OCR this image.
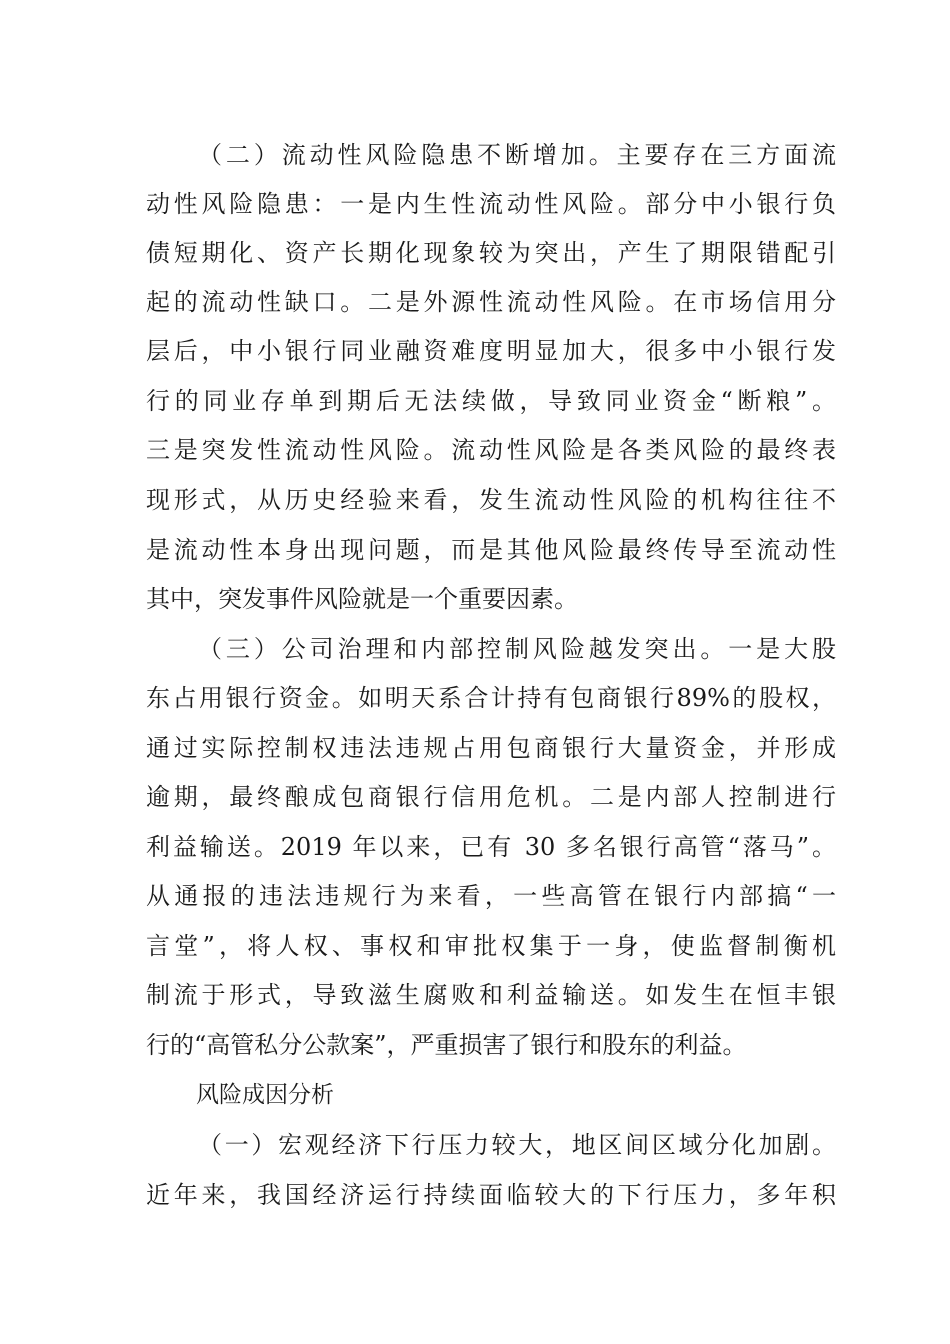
（二）流动性风险隐患不断增加。主要存在三方面流
动性风险隐患：一是内生性流动性风险。部分中小银行负
债短期化、资产长期化现象较为突出，产生了期限错配引
起的流动性缺口。二是外源性流动性风险。在市场信用分
层后，中小银行同业融资难度明显加大，很多中小银行发
行的同业存单到期后无法续做，导致同业资金“断粮”。
三是突发性流动性风险。流动性风险是各类风险的最终表
现形式，从历史经验来看，发生流动性风险的机构往往不
是流动性本身出现问题，而是其他风险最终传导至流动性
其中，突发事件风险就是一个重要因素。
（三）公司治理和内部控制风险越发突出。一是大股
东占用银行资金。如明天系合计持有包商银行89%的股权，
通过实际控制权违法违规占用包商银行大量资金，并形成
逾期，最终酿成包商银行信用危机。二是内部人控制进行
利益输送。2019 年以来，已有 30 多名银行高管“落马”。
从通报的违法违规行为来看，一些高管在银行内部搞“一
言堂”，将人权、事权和审批权集于一身，使监督制衡机
制流于形式，导致滋生腐败和利益输送。如发生在恒丰银
行的“高管私分公款案”，严重损害了银行和股东的利益。
风险成因分析
（一）宏观经济下行压力较大，地区间区域分化加剧。
近年来，我国经济运行持续面临较大的下行压力，多年积
